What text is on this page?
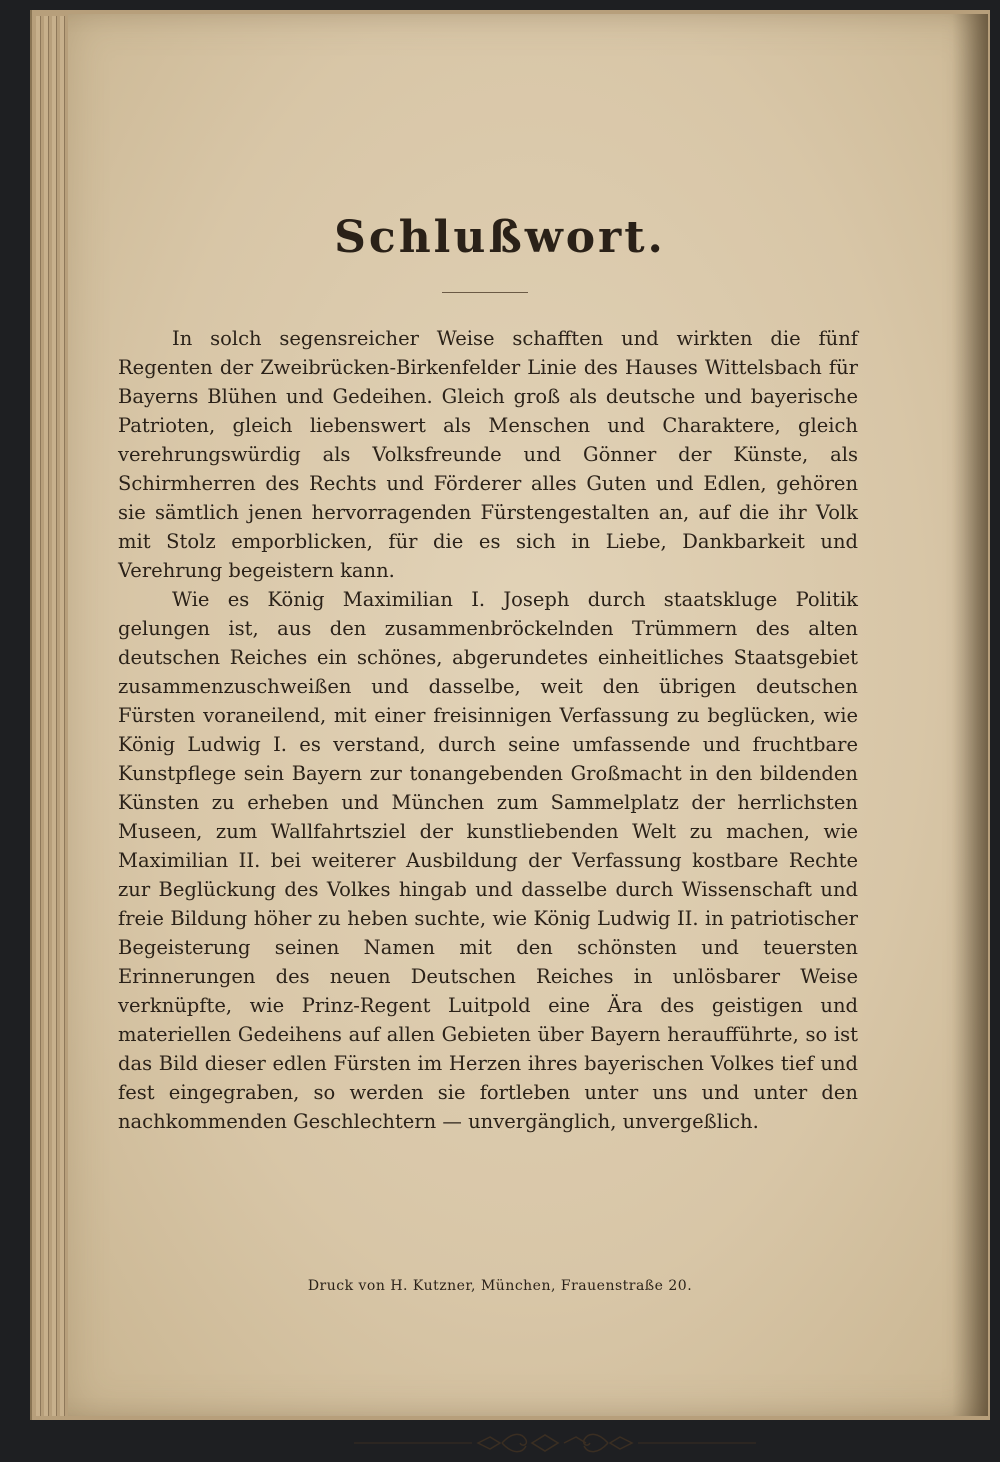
Schlußwort.

In solch segensreicher Weise schafften und wirkten die fünf Regenten der Zweibrücken-Birkenfelder Linie des Hauses Wittelsbach für Bayerns Blühen und Gedeihen. Gleich groß als deutsche und bayerische Patrioten, gleich liebenswert als Menschen und Charaktere, gleich verehrungswürdig als Volksfreunde und Gönner der Künste, als Schirmherren des Rechts und Förderer alles Guten und Edlen, gehören sie sämtlich jenen hervorragenden Fürstengestalten an, auf die ihr Volk mit Stolz emporblicken, für die es sich in Liebe, Dankbarkeit und Verehrung begeistern kann.

Wie es König Maximilian I. Joseph durch staatskluge Politik gelungen ist, aus den zusammenbröckelnden Trümmern des alten deutschen Reiches ein schönes, abgerundetes einheitliches Staatsgebiet zusammenzuschweißen und dasselbe, weit den übrigen deutschen Fürsten voraneilend, mit einer freisinnigen Verfassung zu beglücken, wie König Ludwig I. es verstand, durch seine umfassende und fruchtbare Kunstpflege sein Bayern zur tonangebenden Großmacht in den bildenden Künsten zu erheben und München zum Sammelplatz der herrlichsten Museen, zum Wallfahrtsziel der kunstliebenden Welt zu machen, wie Maximilian II. bei weiterer Ausbildung der Verfassung kostbare Rechte zur Beglückung des Volkes hingab und dasselbe durch Wissenschaft und freie Bildung höher zu heben suchte, wie König Ludwig II. in patriotischer Begeisterung seinen Namen mit den schönsten und teuersten Erinnerungen des neuen Deutschen Reiches in unlösbarer Weise verknüpfte, wie Prinz-Regent Luitpold eine Ära des geistigen und materiellen Gedeihens auf allen Gebieten über Bayern heraufführte, so ist das Bild dieser edlen Fürsten im Herzen ihres bayerischen Volkes tief und fest eingegraben, so werden sie fortleben unter uns und unter den nachkommenden Geschlechtern — unvergänglich, unvergeßlich.

Druck von H. Kutzner, München, Frauenstraße 20.
